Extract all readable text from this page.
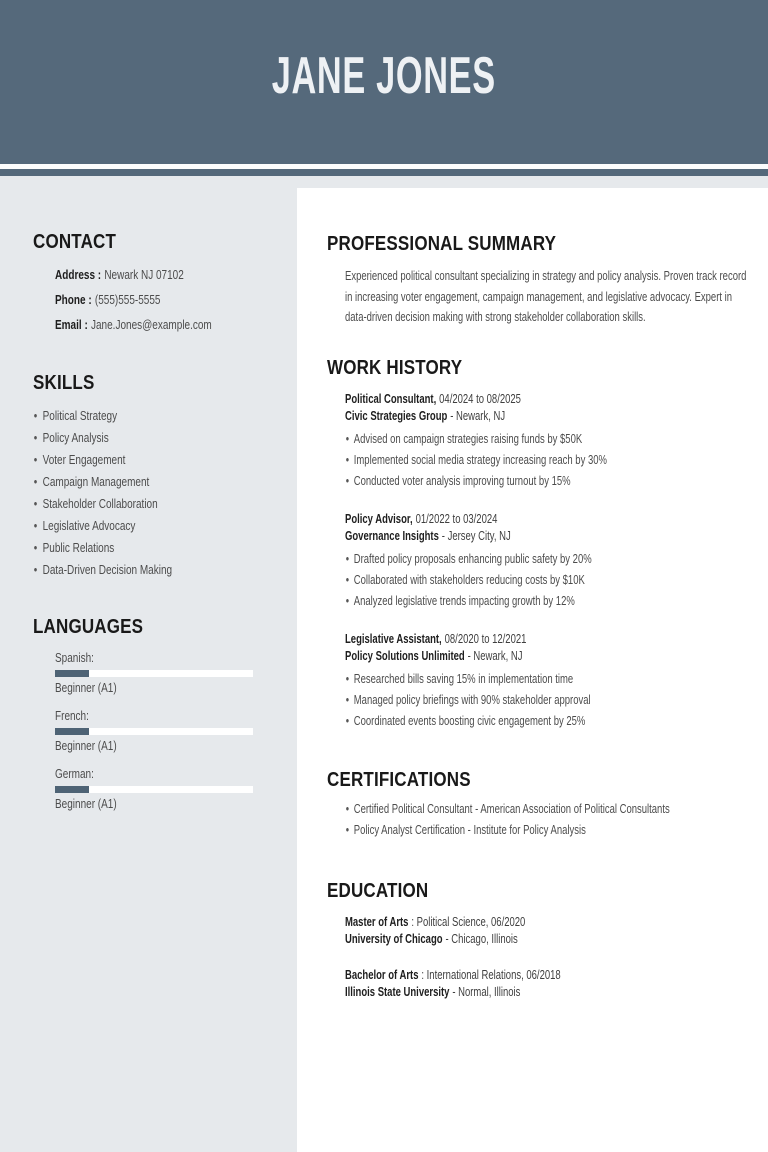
JANE JONES
CONTACT
Address : Newark NJ 07102
Phone : (555)555-5555
Email : Jane.Jones@example.com
SKILLS
• Political Strategy
• Policy Analysis
• Voter Engagement
• Campaign Management
• Stakeholder Collaboration
• Legislative Advocacy
• Public Relations
• Data-Driven Decision Making
LANGUAGES
Spanish:
Beginner (A1)
French:
Beginner (A1)
German:
Beginner (A1)
PROFESSIONAL SUMMARY

Experienced political consultant specializing in strategy and policy analysis. Proven track record in increasing voter engagement, campaign management, and legislative advocacy. Expert in data-driven decision making with strong stakeholder collaboration skills.

WORK HISTORY
Political Consultant, 04/2024 to 08/2025
Civic Strategies Group - Newark, NJ
• Advised on campaign strategies raising funds by $50K
• Implemented social media strategy increasing reach by 30%
• Conducted voter analysis improving turnout by 15%
Policy Advisor, 01/2022 to 03/2024
Governance Insights - Jersey City, NJ
• Drafted policy proposals enhancing public safety by 20%
• Collaborated with stakeholders reducing costs by $10K
• Analyzed legislative trends impacting growth by 12%
Legislative Assistant, 08/2020 to 12/2021
Policy Solutions Unlimited - Newark, NJ
• Researched bills saving 15% in implementation time
• Managed policy briefings with 90% stakeholder approval
• Coordinated events boosting civic engagement by 25%
CERTIFICATIONS
• Certified Political Consultant - American Association of Political Consultants
• Policy Analyst Certification - Institute for Policy Analysis
EDUCATION
Master of Arts : Political Science, 06/2020
University of Chicago - Chicago, Illinois
Bachelor of Arts : International Relations, 06/2018
Illinois State University - Normal, Illinois
